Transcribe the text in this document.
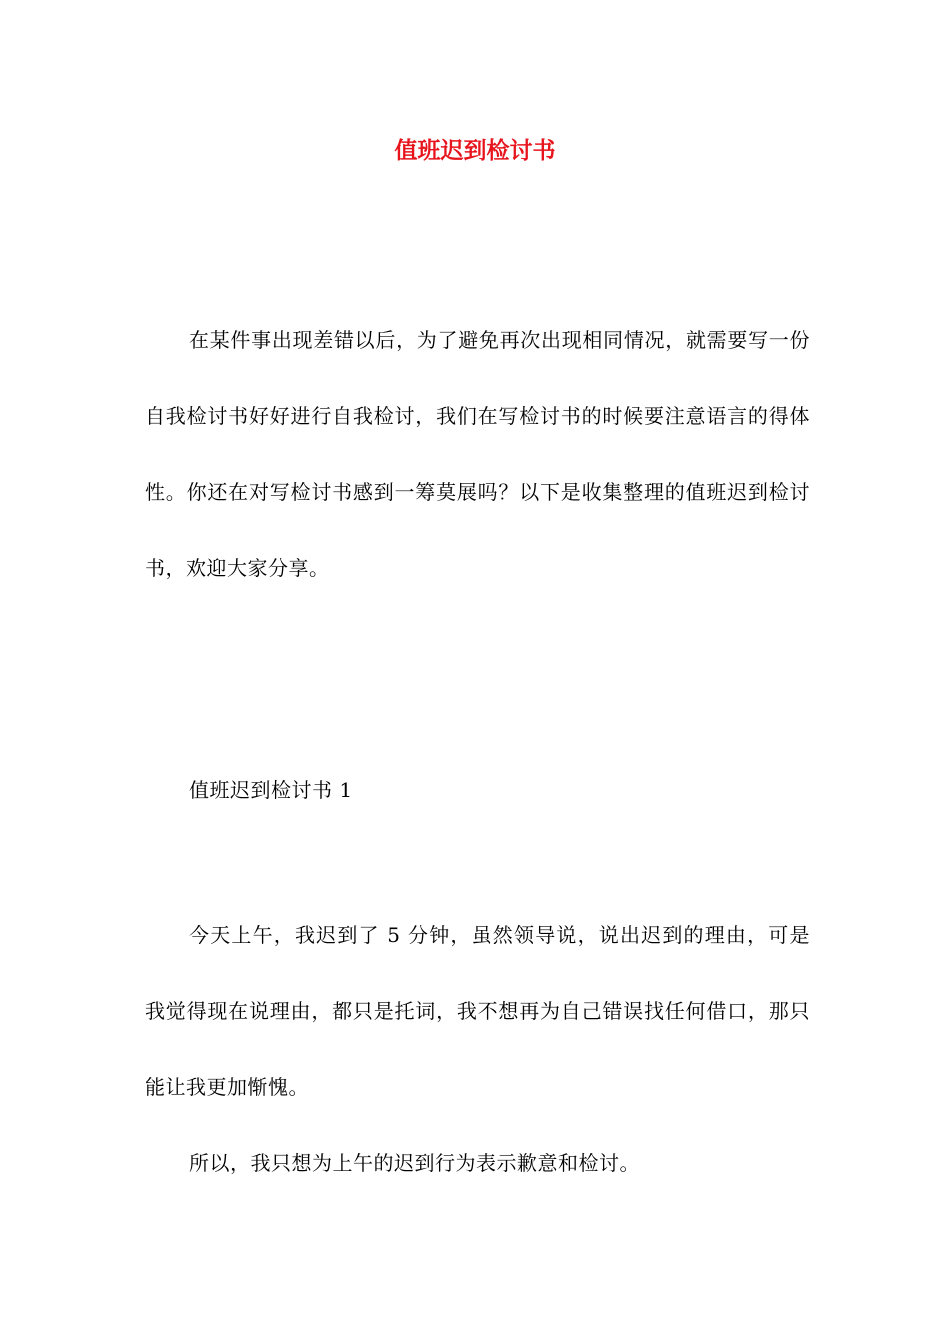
值班迟到检讨书

在某件事出现差错以后，为了避免再次出现相同情况，就需要写一份自我检讨书好好进行自我检讨，我们在写检讨书的时候要注意语言的得体性。你还在对写检讨书感到一筹莫展吗？以下是收集整理的值班迟到检讨书，欢迎大家分享。

值班迟到检讨书 1

今天上午，我迟到了 5 分钟，虽然领导说，说出迟到的理由，可是我觉得现在说理由，都只是托词，我不想再为自己错误找任何借口，那只能让我更加惭愧。

所以，我只想为上午的迟到行为表示歉意和检讨。
